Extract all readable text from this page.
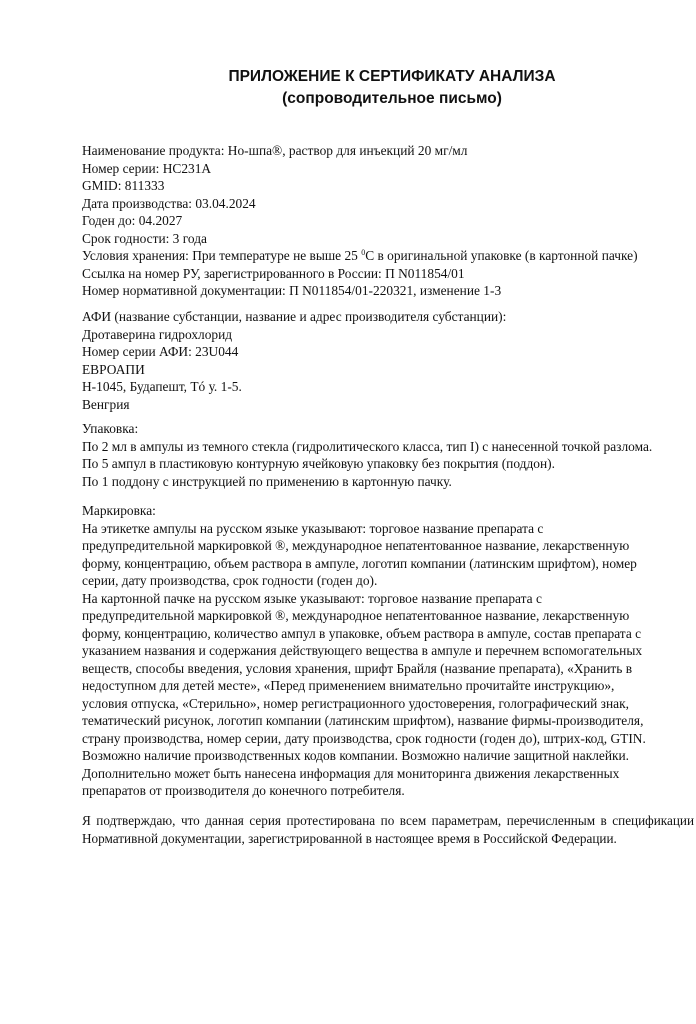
ПРИЛОЖЕНИЕ К СЕРТИФИКАТУ АНАЛИЗА
(сопроводительное письмо)
Наименование продукта: Но-шпа®, раствор для инъекций 20 мг/мл
Номер серии: HC231A
GMID: 811333
Дата производства: 03.04.2024
Годен до: 04.2027
Срок годности: 3 года
Условия хранения: При температуре не выше 25 $^0$С в оригинальной упаковке (в картонной пачке)
Ссылка на номер РУ, зарегистрированного в России: П N011854/01
Номер нормативной документации: П N011854/01-220321, изменение 1-3
АФИ (название субстанции, название и адрес производителя субстанции):
Дротаверина гидрохлорид
Номер серии АФИ: 23U044
ЕВРОАПИ
H-1045, Будапешт, Tó у. 1-5.
Венгрия
Упаковка:
По 2 мл в ампулы из темного стекла (гидролитического класса, тип I) с нанесенной точкой разлома.
По 5 ампул в пластиковую контурную ячейковую упаковку без покрытия (поддон).
По 1 поддону с инструкцией по применению в картонную пачку.
Маркировка:
На этикетке ампулы на русском языке указывают: торговое название препарата с
предупредительной маркировкой ®, международное непатентованное название, лекарственную
форму, концентрацию, объем раствора в ампуле, логотип компании (латинским шрифтом), номер
серии, дату производства, срок годности (годен до).
На картонной пачке на русском языке указывают: торговое название препарата с
предупредительной маркировкой ®, международное непатентованное название, лекарственную
форму, концентрацию, количество ампул в упаковке, объем раствора в ампуле, состав препарата с
указанием названия и содержания действующего вещества в ампуле и перечнем вспомогательных
веществ, способы введения, условия хранения, шрифт Брайля (название препарата), «Хранить в
недоступном для детей месте», «Перед применением внимательно прочитайте инструкцию»,
условия отпуска, «Стерильно», номер регистрационного удостоверения, голографический знак,
тематический рисунок, логотип компании (латинским шрифтом), название фирмы-производителя,
страну производства, номер серии, дату производства, срок годности (годен до), штрих-код, GTIN.
Возможно наличие производственных кодов компании. Возможно наличие защитной наклейки.
Дополнительно может быть нанесена информация для мониторинга движения лекарственных
препаратов от производителя до конечного потребителя.
Я подтверждаю, что данная серия протестирована по всем параметрам, перечисленным в спецификации Нормативной документации, зарегистрированной в настоящее время в Российской Федерации.
